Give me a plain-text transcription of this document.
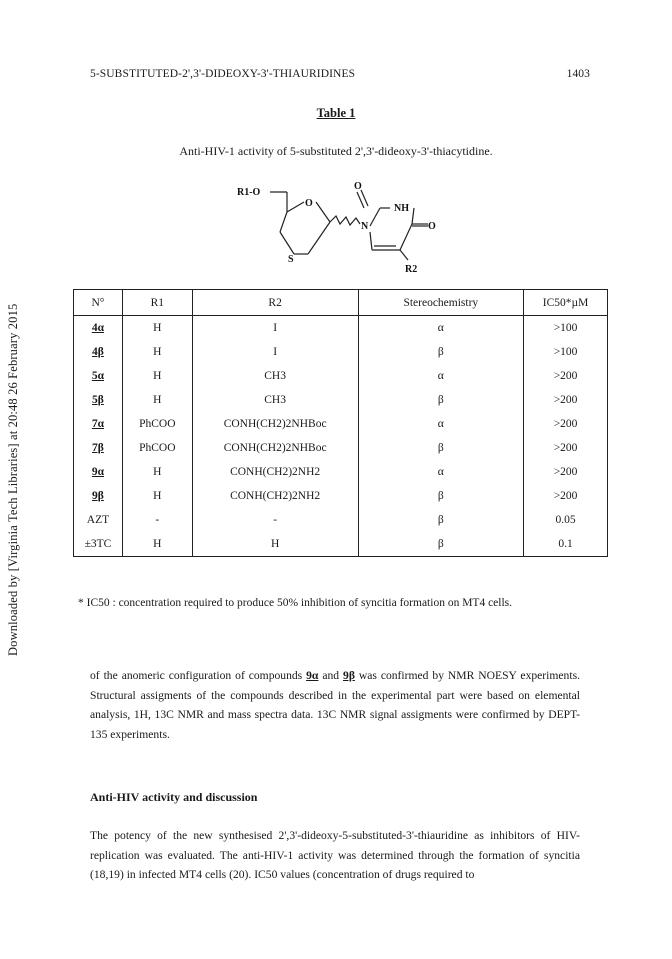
5-SUBSTITUTED-2',3'-DIDEOXY-3'-THIAURIDINES	1403
Table 1
Anti-HIV-1 activity of 5-substituted 2',3'-dideoxy-3'-thiacytidine.
R1-O
O
S
N
O
NH
O
R2
N°	R1	R2	Stereochemistry	IC50*µM
4α	H	I	α	>100
4β	H	I	β	>100
5α	H	CH3	α	>200
5β	H	CH3	β	>200
7α	PhCOO	CONH(CH2)2NHBoc	α	>200
7β	PhCOO	CONH(CH2)2NHBoc	β	>200
9α	H	CONH(CH2)2NH2	α	>200
9β	H	CONH(CH2)2NH2	β	>200
AZT	-	-	β	0.05
±3TC	H	H	β	0.1
* IC50 : concentration required to produce 50% inhibition of syncitia formation on MT4 cells.
Downloaded by [Virginia Tech Libraries] at 20:48 26 February 2015
of the anomeric configuration of compounds 9α and 9β was confirmed by NMR NOESY experiments. Structural assigments of the compounds described in the experimental part were based on elemental analysis, 1H, 13C NMR and mass spectra data. 13C NMR signal assigments were confirmed by DEPT-135 experiments.
Anti-HIV activity and discussion
The potency of the new synthesised 2',3'-dideoxy-5-substituted-3'-thiauridine as inhibitors of HIV-replication was evaluated. The anti-HIV-1 activity was determined through the formation of syncitia (18,19) in infected MT4 cells (20). IC50 values (concentration of drugs required to
